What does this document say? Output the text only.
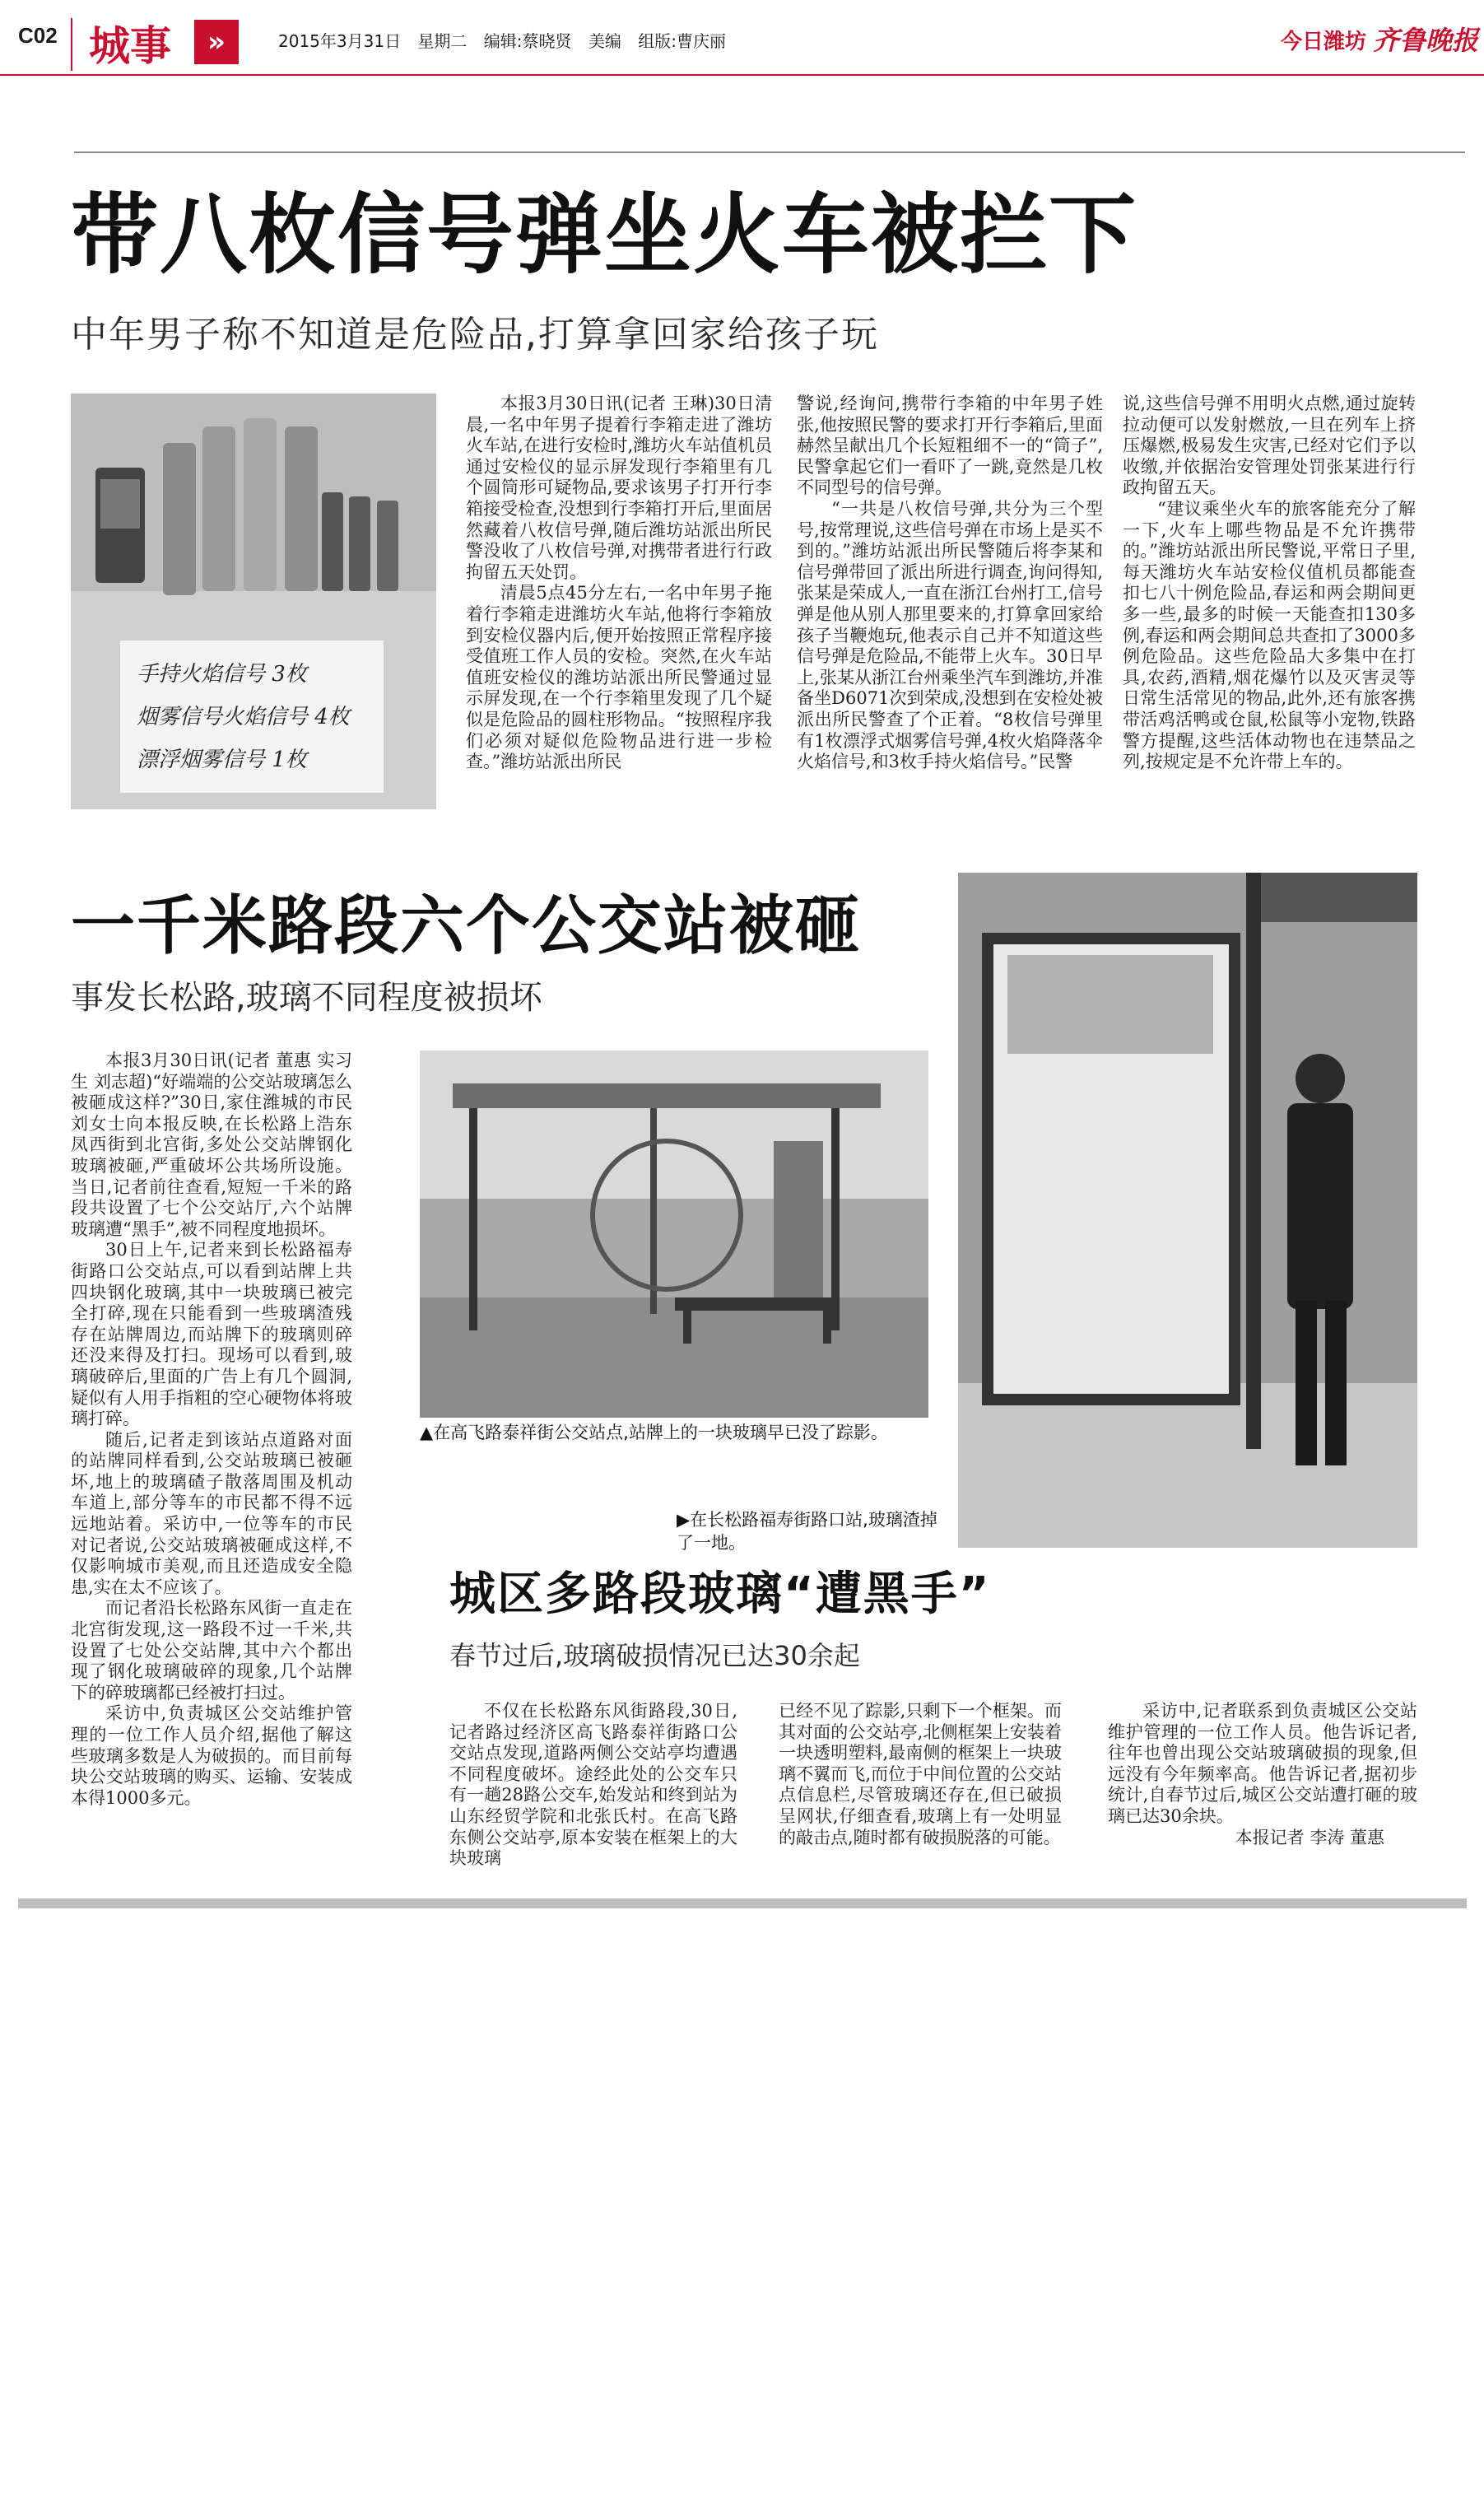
C02 城事	»	2015年3月31日 星期二 编辑:蔡晓贤 美编 组版:曹庆丽	今日潍坊 齐鲁晚报
带八枚信号弹坐火车被拦下
中年男子称不知道是危险品,打算拿回家给孩子玩
手持火焰信号 3枚
烟雾信号火焰信号 4枚
漂浮烟雾信号 1枚

本报3月30日讯(记者 王琳)30日清晨,一名中年男子提着行李箱走进了潍坊火车站,在进行安检时,潍坊火车站值机员通过安检仪的显示屏发现行李箱里有几个圆筒形可疑物品,要求该男子打开行李箱接受检查,没想到行李箱打开后,里面居然藏着八枚信号弹,随后潍坊站派出所民警没收了八枚信号弹,对携带者进行行政拘留五天处罚。

清晨5点45分左右,一名中年男子拖着行李箱走进潍坊火车站,他将行李箱放到安检仪器内后,便开始按照正常程序接受值班工作人员的安检。突然,在火车站值班安检仪的潍坊站派出所民警通过显示屏发现,在一个行李箱里发现了几个疑似是危险品的圆柱形物品。“按照程序我们必须对疑似危险物品进行进一步检查。”潍坊站派出所民

警说,经询问,携带行李箱的中年男子姓张,他按照民警的要求打开行李箱后,里面赫然呈献出几个长短粗细不一的“筒子”,民警拿起它们一看吓了一跳,竟然是几枚不同型号的信号弹。

“一共是八枚信号弹,共分为三个型号,按常理说,这些信号弹在市场上是买不到的。”潍坊站派出所民警随后将李某和信号弹带回了派出所进行调查,询问得知,张某是荣成人,一直在浙江台州打工,信号弹是他从别人那里要来的,打算拿回家给孩子当鞭炮玩,他表示自己并不知道这些信号弹是危险品,不能带上火车。30日早上,张某从浙江台州乘坐汽车到潍坊,并准备坐D6071次到荣成,没想到在安检处被派出所民警查了个正着。“8枚信号弹里有1枚漂浮式烟雾信号弹,4枚火焰降落伞火焰信号,和3枚手持火焰信号。”民警

说,这些信号弹不用明火点燃,通过旋转拉动便可以发射燃放,一旦在列车上挤压爆燃,极易发生灾害,已经对它们予以收缴,并依据治安管理处罚张某进行行政拘留五天。

“建议乘坐火车的旅客能充分了解一下,火车上哪些物品是不允许携带的。”潍坊站派出所民警说,平常日子里,每天潍坊火车站安检仪值机员都能查扣七八十例危险品,春运和两会期间更多一些,最多的时候一天能查扣130多例,春运和两会期间总共查扣了3000多例危险品。这些危险品大多集中在打具,农药,酒精,烟花爆竹以及灭害灵等日常生活常见的物品,此外,还有旅客携带活鸡活鸭或仓鼠,松鼠等小宠物,铁路警方提醒,这些活体动物也在违禁品之列,按规定是不允许带上车的。

一千米路段六个公交站被砸
事发长松路,玻璃不同程度被损坏

本报3月30日讯(记者 董惠 实习生 刘志超)“好端端的公交站玻璃怎么被砸成这样?”30日,家住潍城的市民刘女士向本报反映,在长松路上浩东凤西街到北宫街,多处公交站牌钢化玻璃被砸,严重破坏公共场所设施。当日,记者前往查看,短短一千米的路段共设置了七个公交站厅,六个站牌玻璃遭“黑手”,被不同程度地损坏。

30日上午,记者来到长松路福寿街路口公交站点,可以看到站牌上共四块钢化玻璃,其中一块玻璃已被完全打碎,现在只能看到一些玻璃渣残存在站牌周边,而站牌下的玻璃则碎还没来得及打扫。现场可以看到,玻璃破碎后,里面的广告上有几个圆洞,疑似有人用手指粗的空心硬物体将玻璃打碎。

随后,记者走到该站点道路对面的站牌同样看到,公交站玻璃已被砸坏,地上的玻璃碴子散落周围及机动车道上,部分等车的市民都不得不远远地站着。采访中,一位等车的市民对记者说,公交站玻璃被砸成这样,不仅影响城市美观,而且还造成安全隐患,实在太不应该了。

而记者沿长松路东风街一直走在北宫街发现,这一路段不过一千米,共设置了七处公交站牌,其中六个都出现了钢化玻璃破碎的现象,几个站牌下的碎玻璃都已经被打扫过。

采访中,负责城区公交站维护管理的一位工作人员介绍,据他了解这些玻璃多数是人为破损的。而目前每块公交站玻璃的购买、运输、安装成本得1000多元。

▲在高飞路泰祥街公交站点,站牌上的一块玻璃早已没了踪影。
▶在长松路福寿街路口站,玻璃渣掉了一地。
城区多路段玻璃“遭黑手”
春节过后,玻璃破损情况已达30余起

不仅在长松路东风街路段,30日,记者路过经济区高飞路泰祥街路口公交站点发现,道路两侧公交站亭均遭遇不同程度破坏。途经此处的公交车只有一趟28路公交车,始发站和终到站为山东经贸学院和北张氏村。在高飞路东侧公交站亭,原本安装在框架上的大块玻璃

已经不见了踪影,只剩下一个框架。而其对面的公交站亭,北侧框架上安装着一块透明塑料,最南侧的框架上一块玻璃不翼而飞,而位于中间位置的公交站点信息栏,尽管玻璃还存在,但已破损呈网状,仔细查看,玻璃上有一处明显的敲击点,随时都有破损脱落的可能。

采访中,记者联系到负责城区公交站维护管理的一位工作人员。他告诉记者,往年也曾出现公交站玻璃破损的现象,但远没有今年频率高。他告诉记者,据初步统计,自春节过后,城区公交站遭打砸的玻璃已达30余块。

本报记者 李涛 董惠
